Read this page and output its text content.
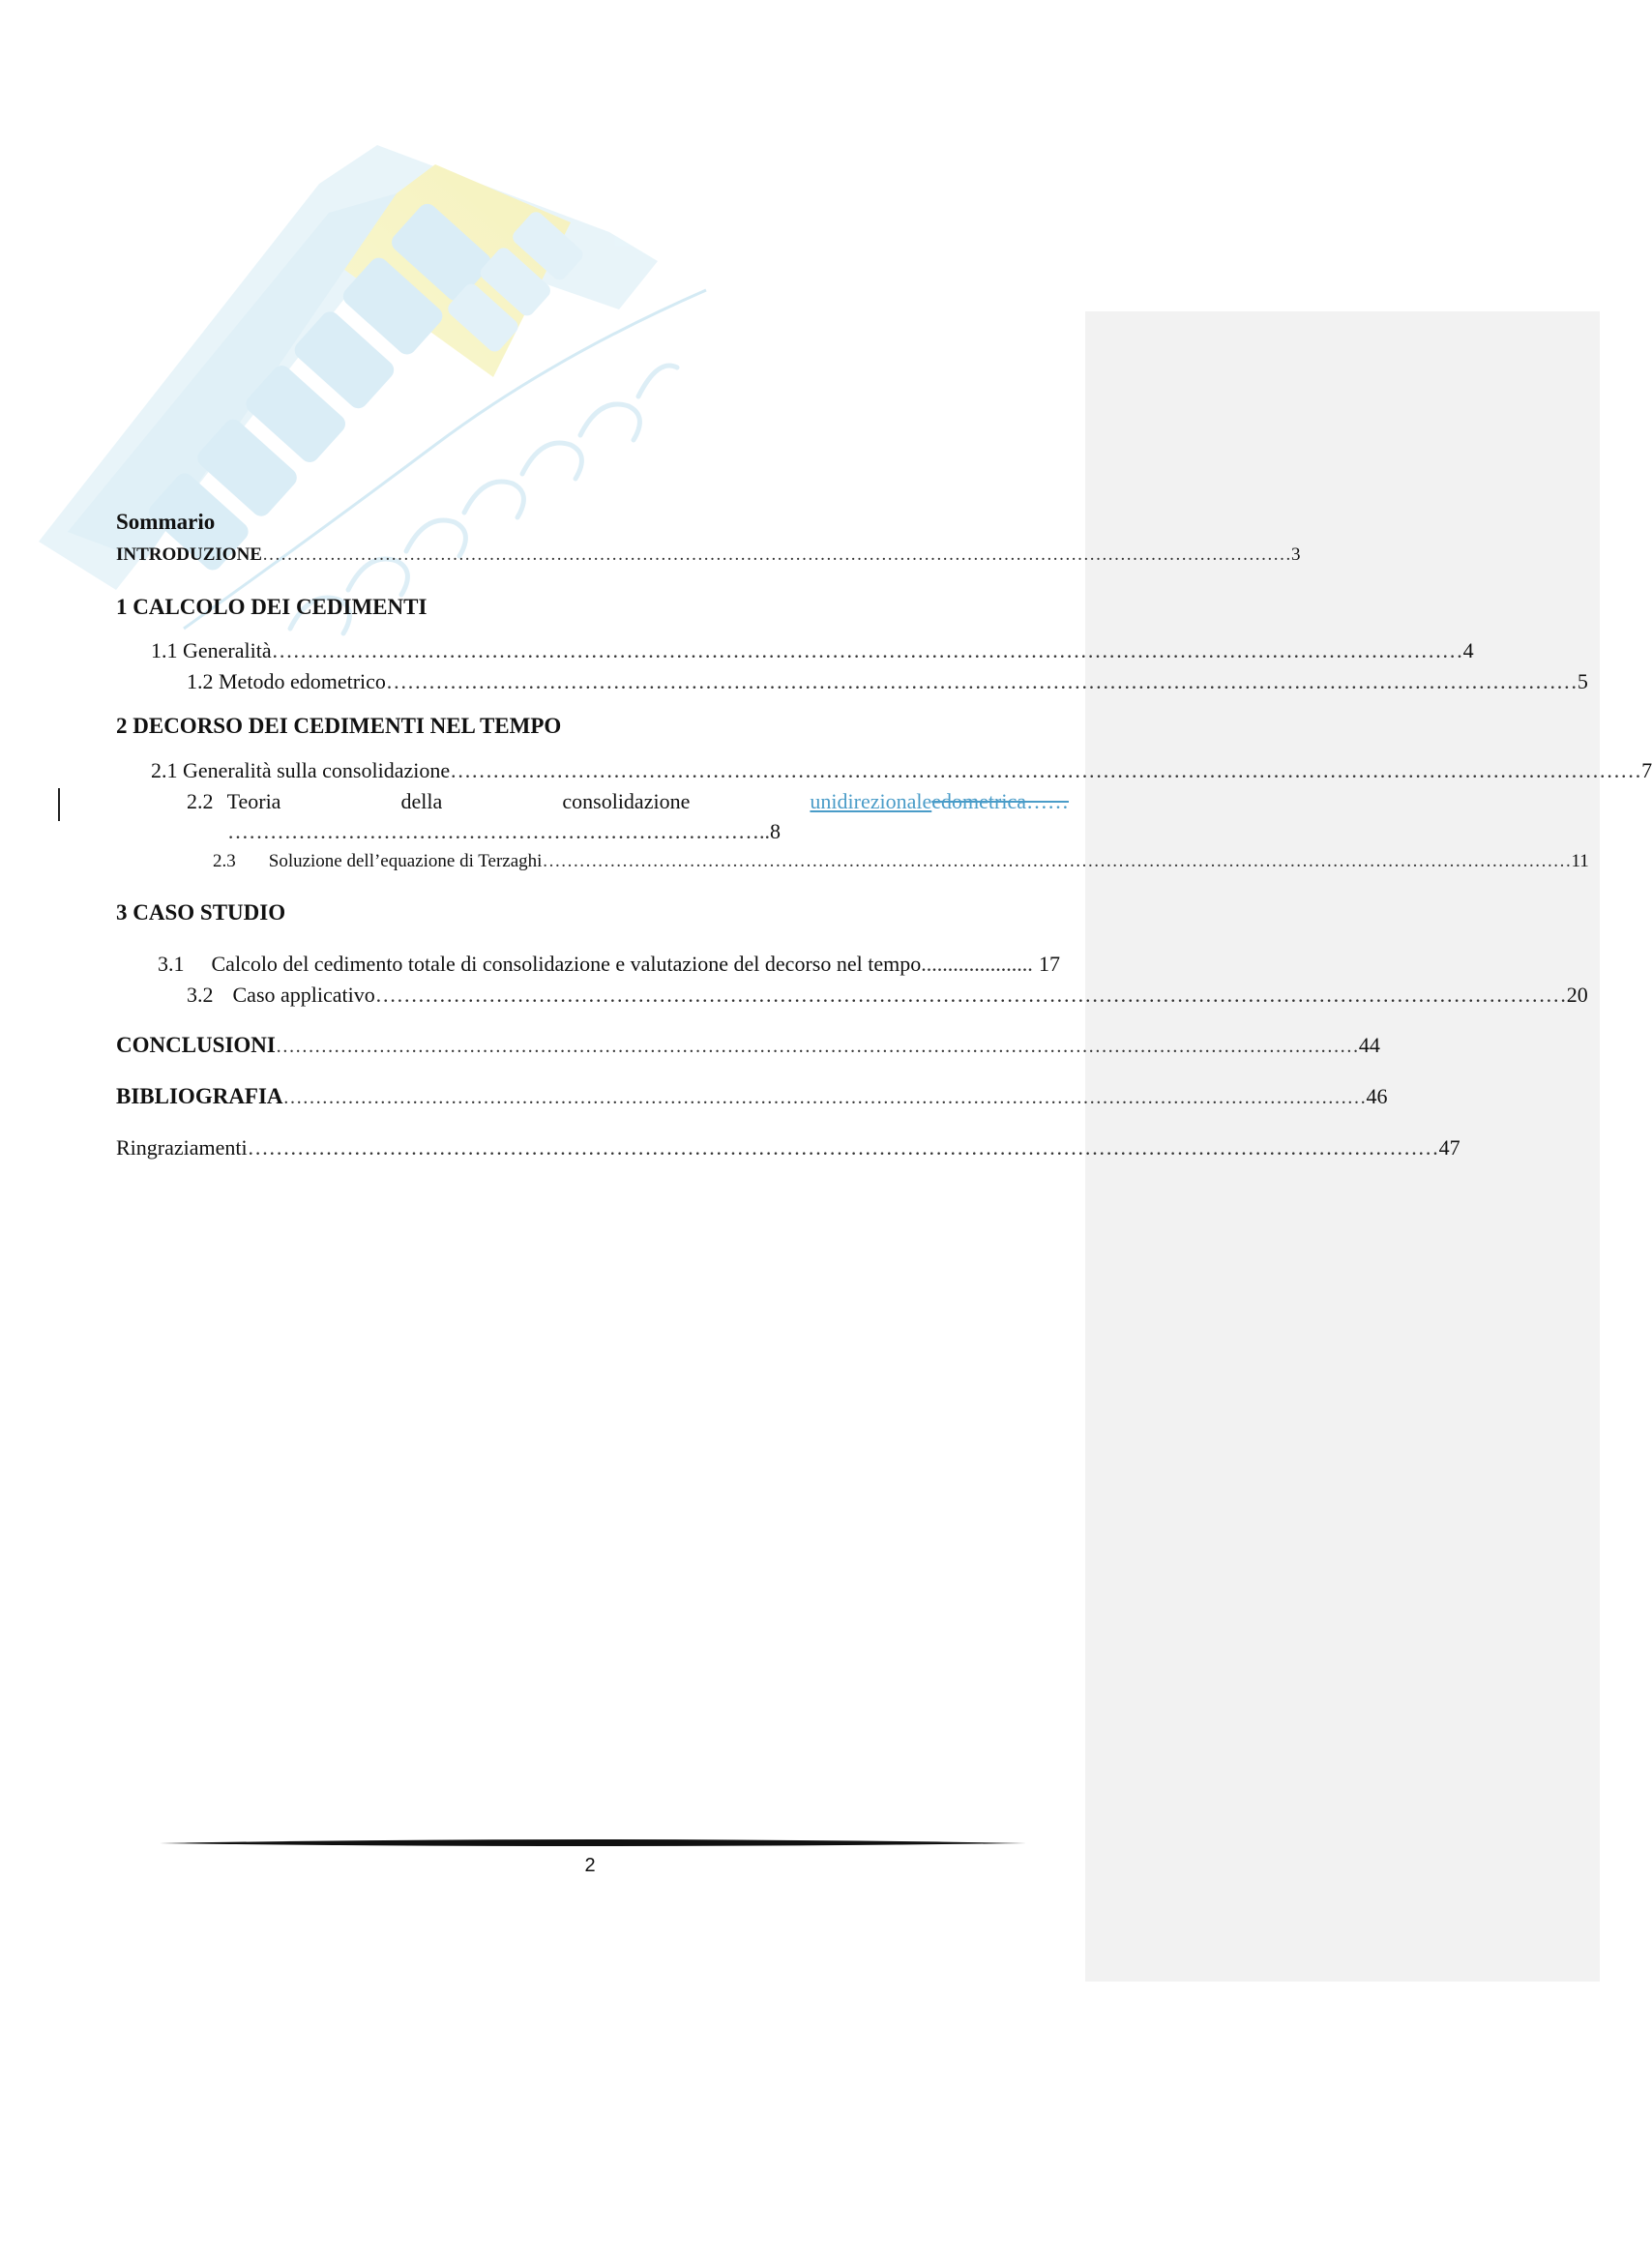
Sommario
INTRODUZIONE …………………………………………………………………………………………………………………………………………………… 3
1 CALCOLO DEI CEDIMENTI
1.1 Generalità …………………………………………………………………………………………………………………………………………………… 4
1.2 Metodo edometrico …………………………………………………………………………………………………………………………………………………… 5
2 DECORSO DEI CEDIMENTI NEL TEMPO
2.1 Generalità sulla consolidazione …………………………………………………………………………………………………………………………………………………… 7
2.2 Teoria	della	consolidazione	unidirezionaleedometrica……
………………………………………………………………….. 8
2.3 Soluzione dell’equazione di Terzaghi …………………………………………………………………………………………………………………………………………………… 11
3 CASO STUDIO
3.1 Calcolo del cedimento totale di consolidazione e valutazione del decorso nel tempo ..................... 17
3.2 Caso applicativo …………………………………………………………………………………………………………………………………………………… 20
CONCLUSIONI …………………………………………………………………………………………………………………………………………………… 44
BIBLIOGRAFIA …………………………………………………………………………………………………………………………………………………… 46
Ringraziamenti …………………………………………………………………………………………………………………………………………………… 47
2
